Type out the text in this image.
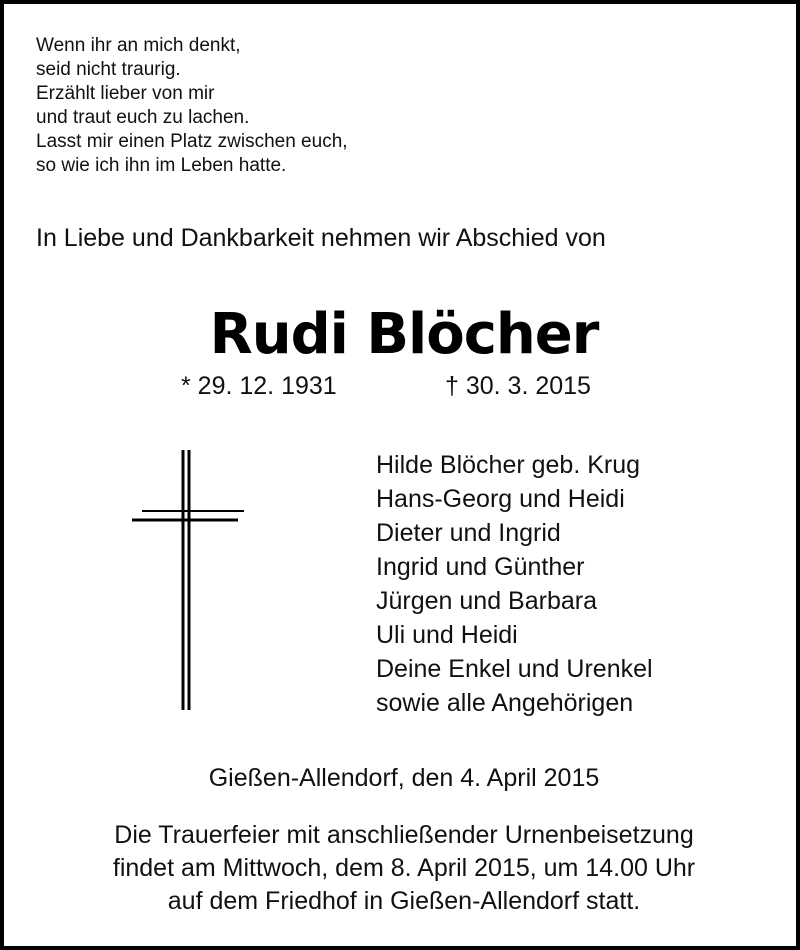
Wenn ihr an mich denkt,
seid nicht traurig.
Erzählt lieber von mir
und traut euch zu lachen.
Lasst mir einen Platz zwischen euch,
so wie ich ihn im Leben hatte.
In Liebe und Dankbarkeit nehmen wir Abschied von
Rudi Blöcher
* 29. 12. 1931	† 30. 3. 2015
Hilde Blöcher geb. Krug
Hans-Georg und Heidi
Dieter und Ingrid
Ingrid und Günther
Jürgen und Barbara
Uli und Heidi
Deine Enkel und Urenkel
sowie alle Angehörigen
Gießen-Allendorf, den 4. April 2015
Die Trauerfeier mit anschließender Urnenbeisetzung
findet am Mittwoch, dem 8. April 2015, um 14.00 Uhr
auf dem Friedhof in Gießen-Allendorf statt.
